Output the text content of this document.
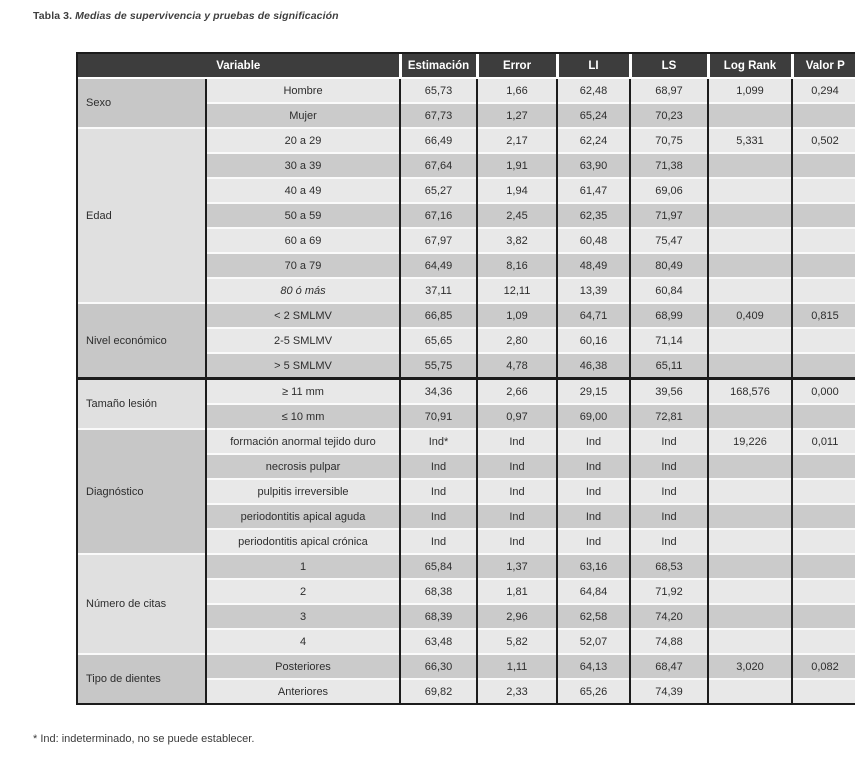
Tabla 3. Medias de supervivencia y pruebas de significación
Variable		Estimación	Error	LI	LS	Log Rank	Valor P
Sexo	Hombre	65,73	1,66	62,48	68,97	1,099	0,294
	Mujer	67,73	1,27	65,24	70,23		
Edad	20 a 29	66,49	2,17	62,24	70,75	5,331	0,502
	30 a 39	67,64	1,91	63,90	71,38		
	40 a 49	65,27	1,94	61,47	69,06		
	50 a 59	67,16	2,45	62,35	71,97		
	60 a 69	67,97	3,82	60,48	75,47		
	70 a 79	64,49	8,16	48,49	80,49		
	80 ó más	37,11	12,11	13,39	60,84		
Nivel económico	< 2 SMLMV	66,85	1,09	64,71	68,99	0,409	0,815
	2-5 SMLMV	65,65	2,80	60,16	71,14		
	> 5 SMLMV	55,75	4,78	46,38	65,11		
Tamaño lesión	≥ 11 mm	34,36	2,66	29,15	39,56	168,576	0,000
	≤ 10 mm	70,91	0,97	69,00	72,81		
Diagnóstico	formación anormal tejido duro	Ind*	Ind	Ind	Ind	19,226	0,011
	necrosis pulpar	Ind	Ind	Ind	Ind		
	pulpitis irreversible	Ind	Ind	Ind	Ind		
	periodontitis apical aguda	Ind	Ind	Ind	Ind		
	periodontitis apical crónica	Ind	Ind	Ind	Ind		
Número de citas	1	65,84	1,37	63,16	68,53		
	2	68,38	1,81	64,84	71,92		
	3	68,39	2,96	62,58	74,20		
	4	63,48	5,82	52,07	74,88		
Tipo de dientes	Posteriores	66,30	1,11	64,13	68,47	3,020	0,082
	Anteriores	69,82	2,33	65,26	74,39		
* Ind: indeterminado, no se puede establecer.
